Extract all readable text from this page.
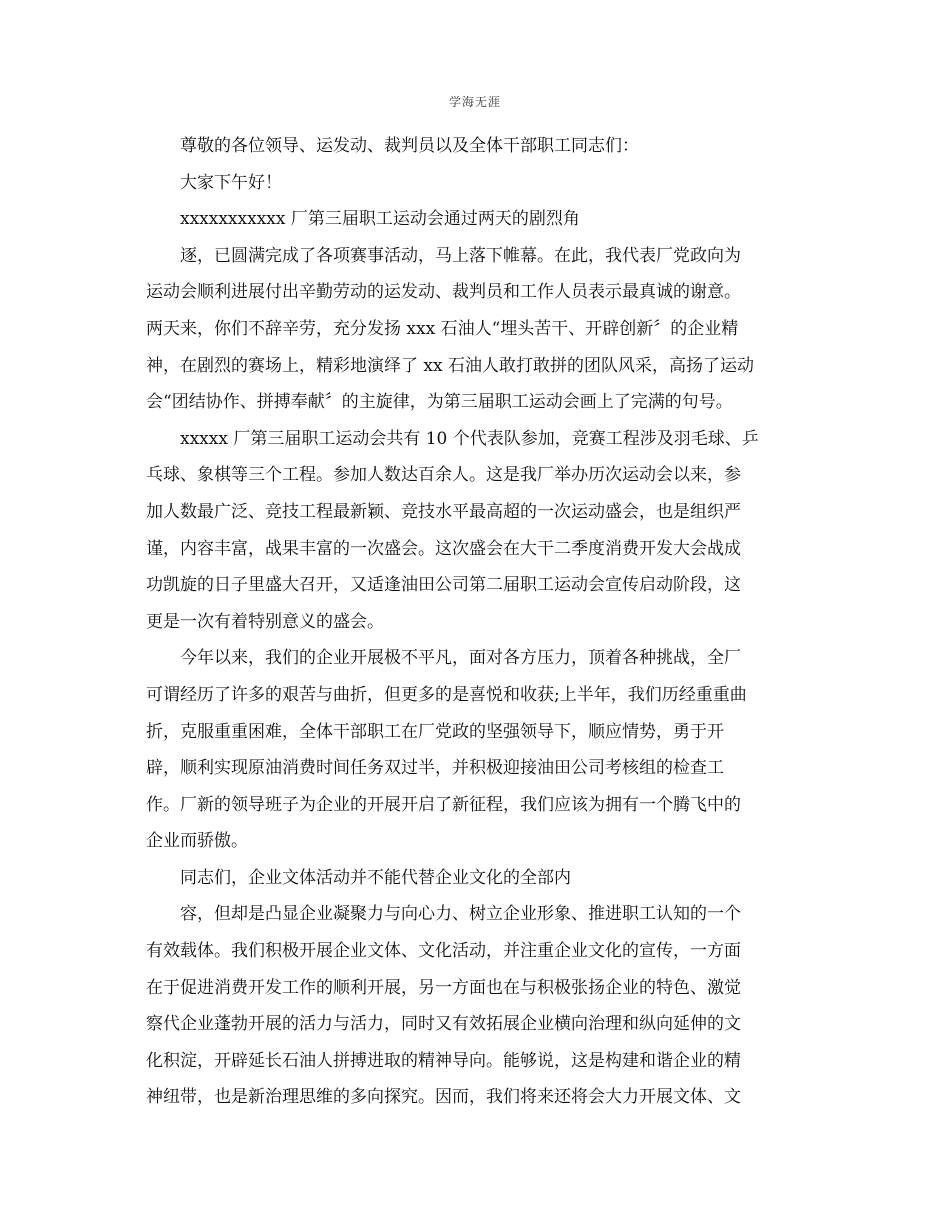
学海无涯
尊敬的各位领导、运发动、裁判员以及全体干部职工同志们：
大家下午好！
xxxxxxxxxxx 厂第三届职工运动会通过两天的剧烈角
逐，已圆满完成了各项赛事活动，马上落下帷幕。在此，我代表厂党政向为
运动会顺利进展付出辛勤劳动的运发动、裁判员和工作人员表示最真诚的谢意。
两天来，你们不辞辛劳，充分发扬 xxx 石油人“埋头苦干、开辟创新〞的企业精
神，在剧烈的赛场上，精彩地演绎了 xx 石油人敢打敢拼的团队风采，高扬了运动
会“团结协作、拼搏奉献〞的主旋律，为第三届职工运动会画上了完满的句号。
xxxxx 厂第三届职工运动会共有 10 个代表队参加，竞赛工程涉及羽毛球、乒
乓球、象棋等三个工程。参加人数达百余人。这是我厂举办历次运动会以来，参
加人数最广泛、竞技工程最新颖、竞技水平最高超的一次运动盛会，也是组织严
谨，内容丰富，战果丰富的一次盛会。这次盛会在大干二季度消费开发大会战成
功凯旋的日子里盛大召开，又适逢油田公司第二届职工运动会宣传启动阶段，这
更是一次有着特别意义的盛会。
今年以来，我们的企业开展极不平凡，面对各方压力，顶着各种挑战，全厂
可谓经历了许多的艰苦与曲折，但更多的是喜悦和收获;上半年，我们历经重重曲
折，克服重重困难，全体干部职工在厂党政的坚强领导下，顺应情势，勇于开
辟，顺利实现原油消费时间任务双过半，并积极迎接油田公司考核组的检查工
作。厂新的领导班子为企业的开展开启了新征程，我们应该为拥有一个腾飞中的
企业而骄傲。
同志们，企业文体活动并不能代替企业文化的全部内
容，但却是凸显企业凝聚力与向心力、树立企业形象、推进职工认知的一个
有效载体。我们积极开展企业文体、文化活动，并注重企业文化的宣传，一方面
在于促进消费开发工作的顺利开展，另一方面也在与积极张扬企业的特色、激觉
察代企业蓬勃开展的活力与活力，同时又有效拓展企业横向治理和纵向延伸的文
化积淀，开辟延长石油人拼搏进取的精神导向。能够说，这是构建和谐企业的精
神纽带，也是新治理思维的多向探究。因而，我们将来还将会大力开展文体、文
